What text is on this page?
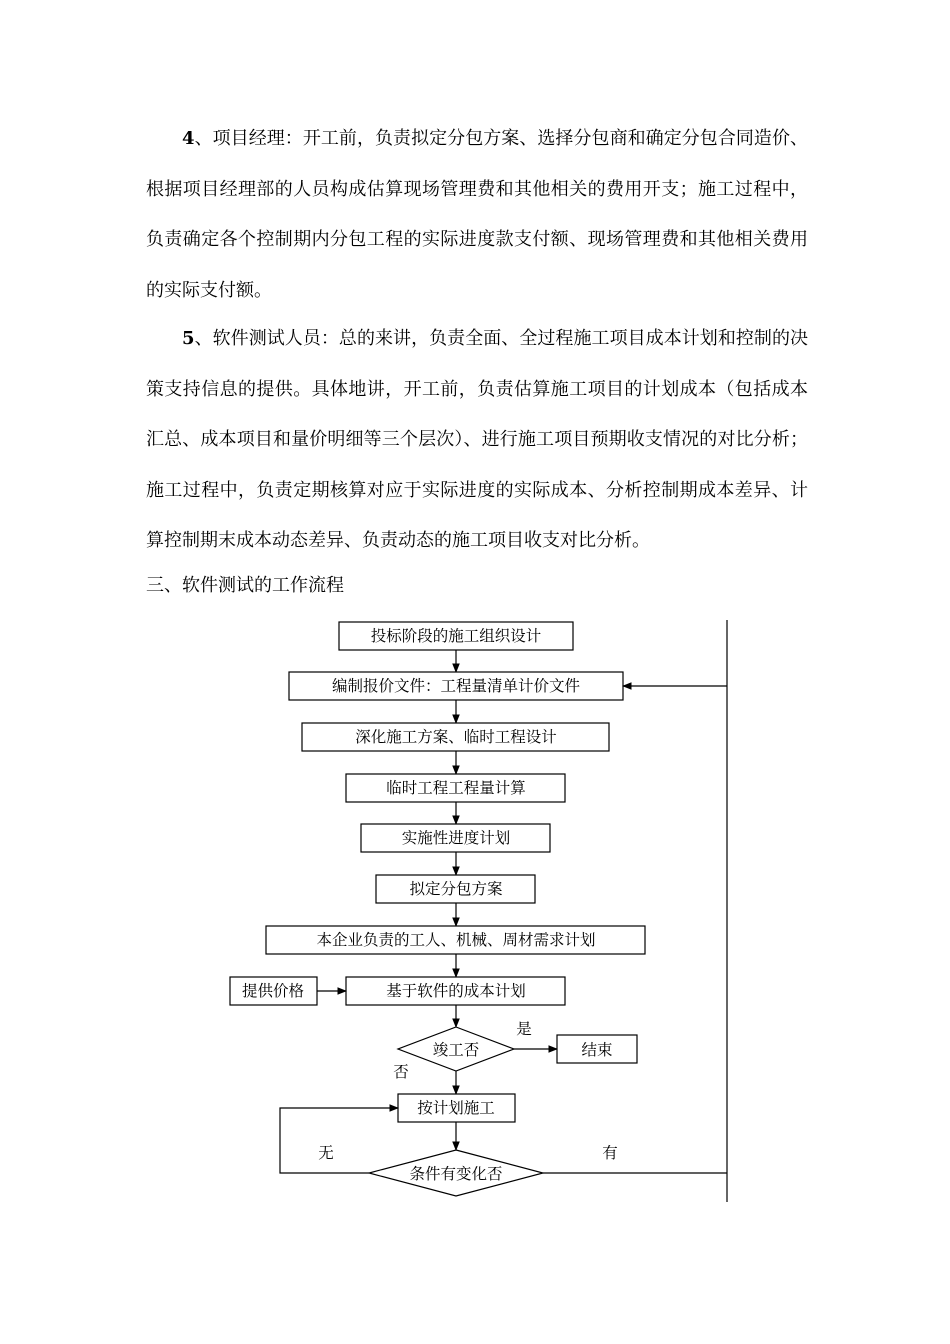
4、项目经理：开工前，负责拟定分包方案、选择分包商和确定分包合同造价、根据项目经理部的人员构成估算现场管理费和其他相关的费用开支；施工过程中，负责确定各个控制期内分包工程的实际进度款支付额、现场管理费和其他相关费用的实际支付额。

5、软件测试人员：总的来讲，负责全面、全过程施工项目成本计划和控制的决策支持信息的提供。具体地讲，开工前，负责估算施工项目的计划成本（包括成本汇总、成本项目和量价明细等三个层次）、进行施工项目预期收支情况的对比分析；施工过程中，负责定期核算对应于实际进度的实际成本、分析控制期成本差异、计算控制期末成本动态差异、负责动态的施工项目收支对比分析。

三、软件测试的工作流程

投标阶段的施工组织设计
编制报价文件：工程量清单计价文件
深化施工方案、临时工程设计
临时工程工程量计算
实施性进度计划
拟定分包方案
本企业负责的工人、机械、周材需求计划
基于软件的成本计划
提供价格
竣工否
是
结束
否
按计划施工
条件有变化否
无	有
